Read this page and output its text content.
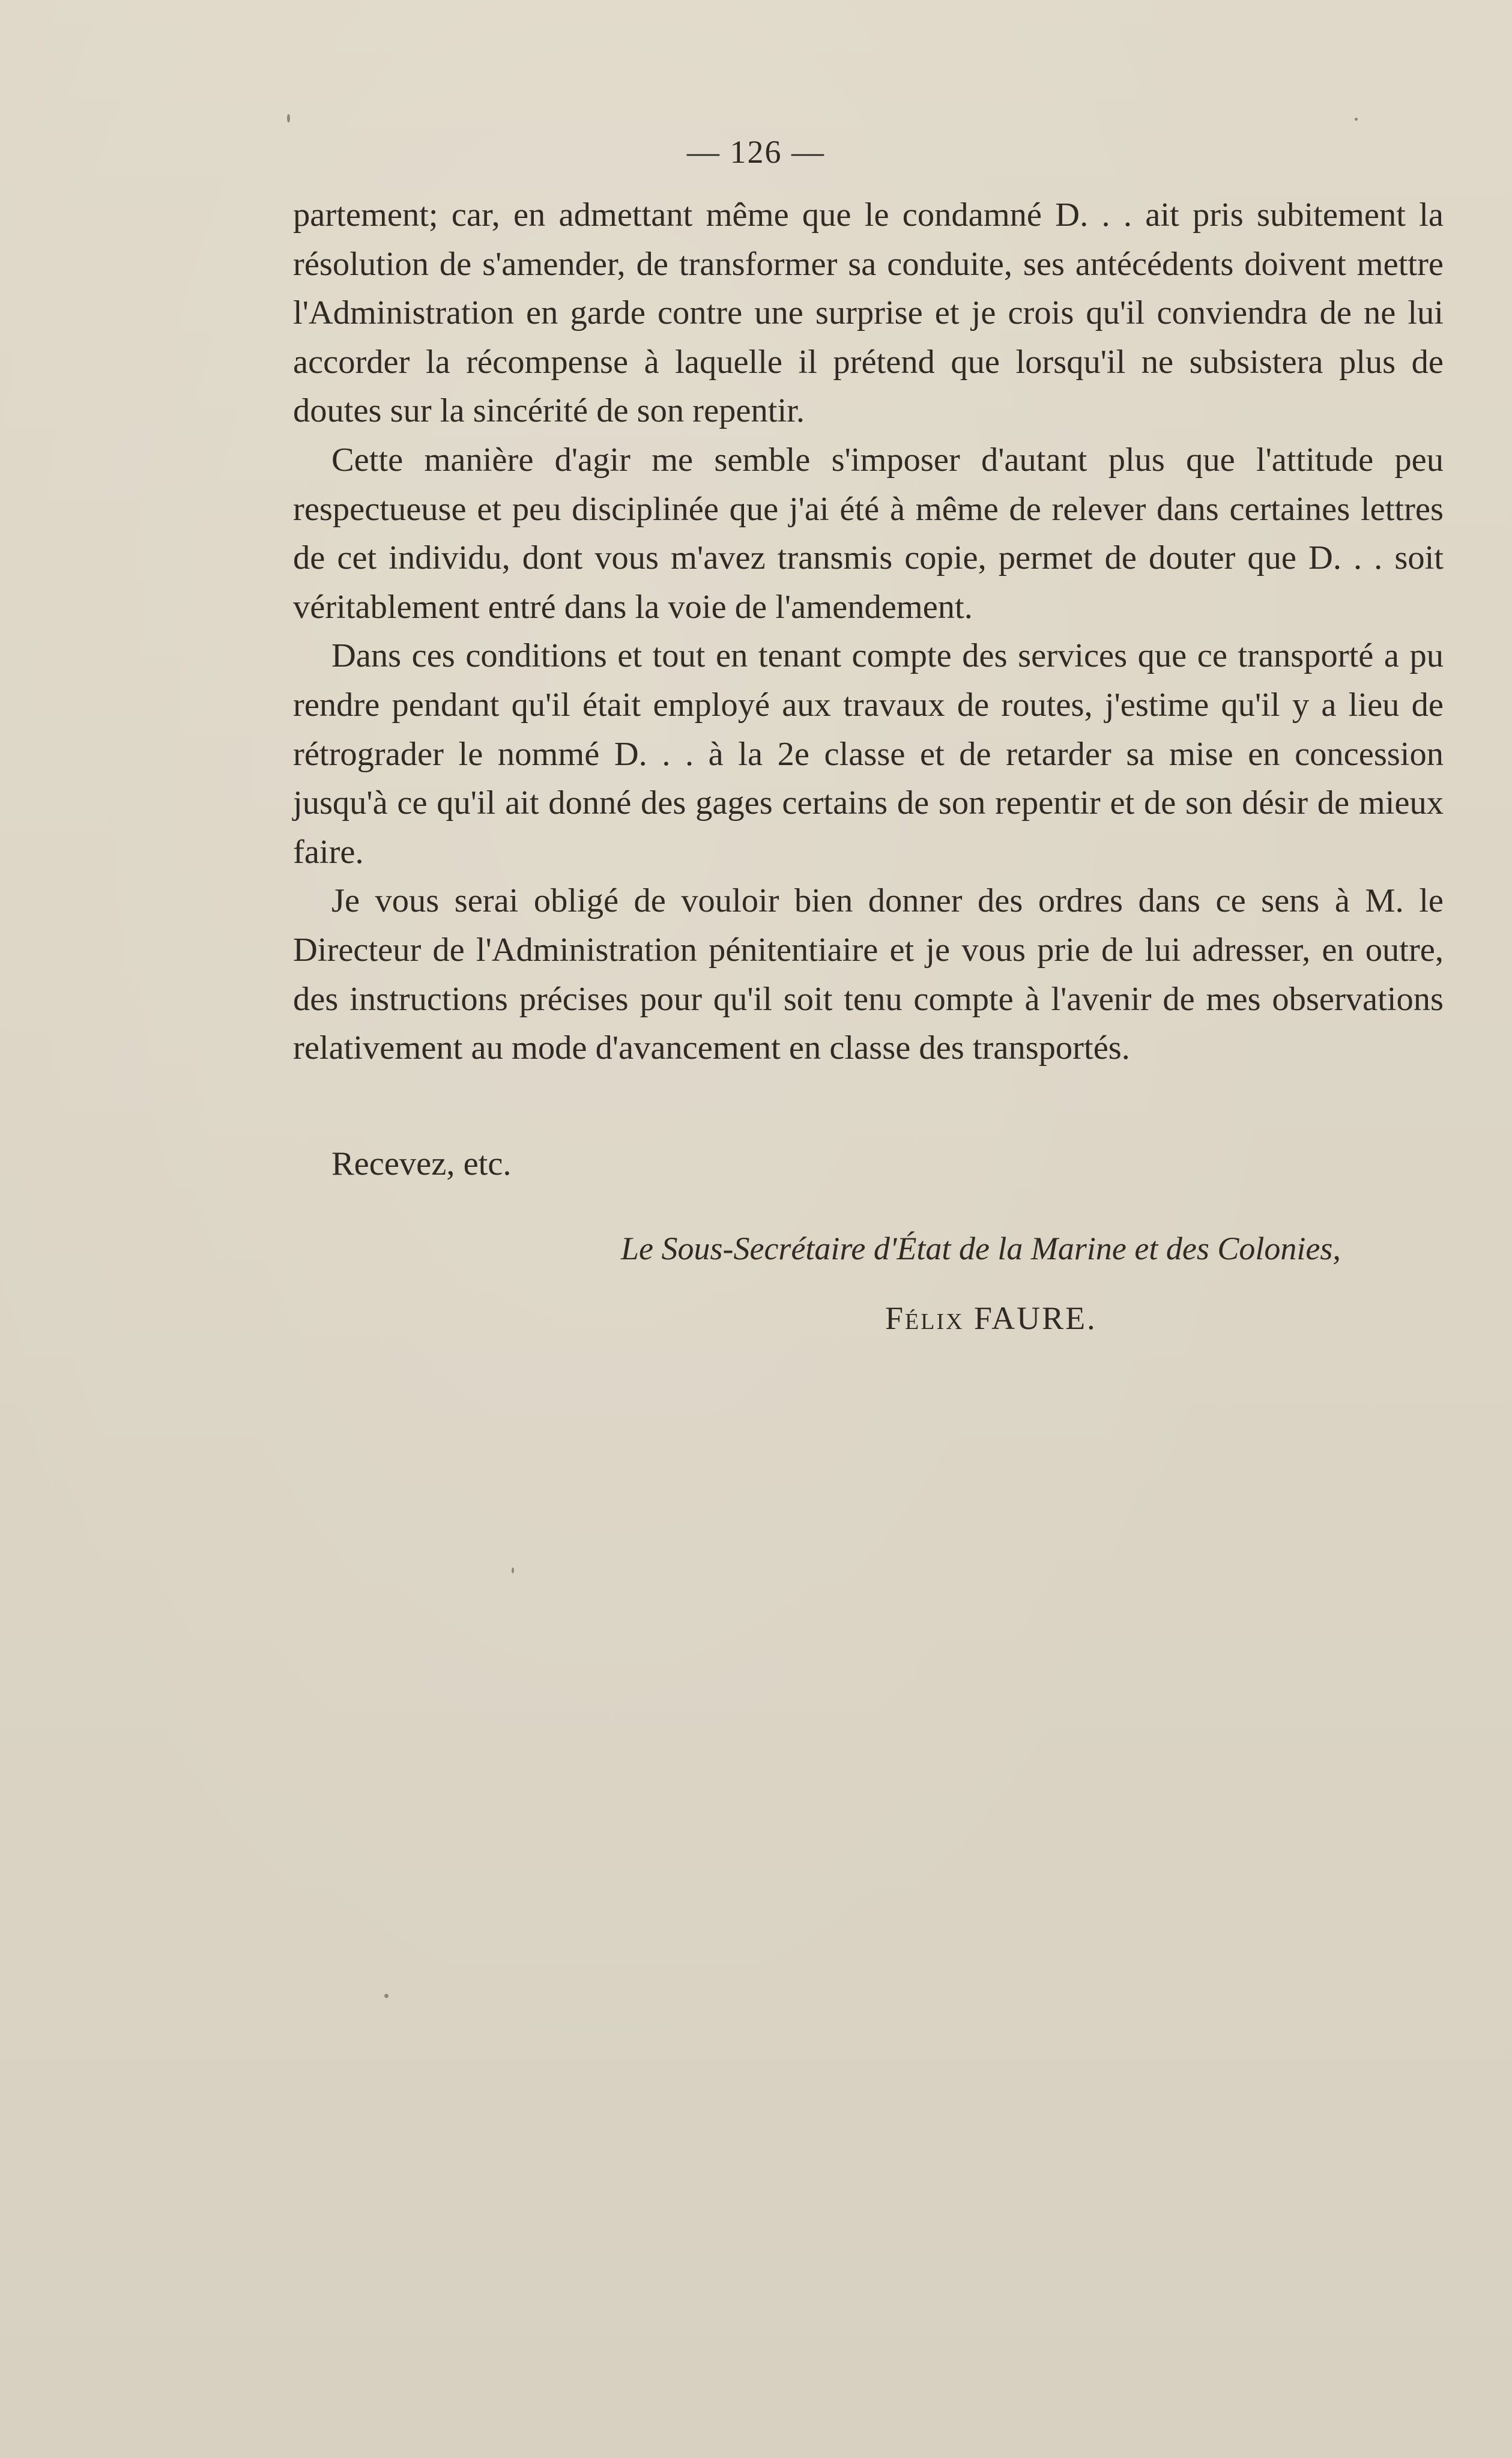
— 126 —

partement; car, en admettant même que le condamné D. . . ait pris subitement la résolution de s'amender, de transformer sa conduite, ses antécédents doivent mettre l'Administration en garde contre une surprise et je crois qu'il conviendra de ne lui accorder la récompense à laquelle il prétend que lorsqu'il ne subsistera plus de doutes sur la sincérité de son repentir.

Cette manière d'agir me semble s'imposer d'autant plus que l'attitude peu respectueuse et peu disciplinée que j'ai été à même de relever dans certaines lettres de cet individu, dont vous m'avez transmis copie, permet de douter que D. . . soit véritablement entré dans la voie de l'amendement.

Dans ces conditions et tout en tenant compte des services que ce transporté a pu rendre pendant qu'il était employé aux travaux de routes, j'estime qu'il y a lieu de rétrograder le nommé D. . . à la 2e classe et de retarder sa mise en concession jusqu'à ce qu'il ait donné des gages certains de son repentir et de son désir de mieux faire.

Je vous serai obligé de vouloir bien donner des ordres dans ce sens à M. le Directeur de l'Administration pénitentiaire et je vous prie de lui adresser, en outre, des instructions précises pour qu'il soit tenu compte à l'avenir de mes observations relativement au mode d'avancement en classe des transportés.

Recevez, etc.
Le Sous-Secrétaire d'État de la Marine et des Colonies,
Félix FAURE.
